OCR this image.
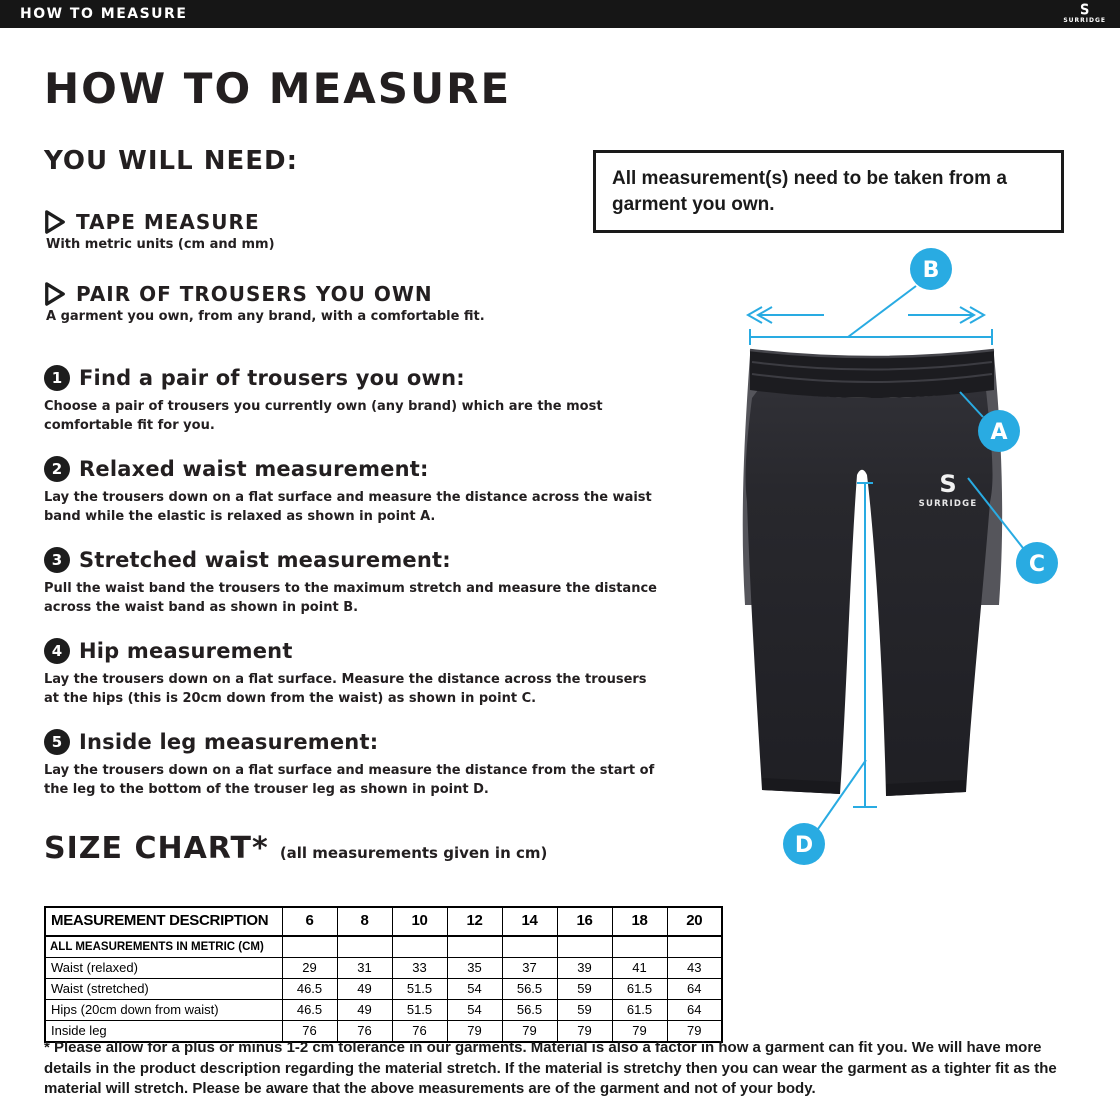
HOW TO MEASURE	S
SURRIDGE
HOW TO MEASURE
YOU WILL NEED:
TAPE MEASURE
With metric units (cm and mm)
PAIR OF TROUSERS YOU OWN
A garment you own, from any brand, with a comfortable fit.
All measurement(s) need to be taken from a garment you own.
1 Find a pair of trousers you own:
Choose a pair of trousers you currently own (any brand) which are the most comfortable fit for you.
2 Relaxed waist measurement:
Lay the trousers down on a flat surface and measure the distance across the waist band while the elastic is relaxed as shown in point A.
3 Stretched waist measurement:
Pull the waist band the trousers to the maximum stretch and measure the distance across the waist band as shown in point B.
4 Hip measurement
Lay the trousers down on a flat surface. Measure the distance across the trousers at the hips (this is 20cm down from the waist) as shown in point C.
5 Inside leg measurement:
Lay the trousers down on a flat surface and measure the distance from the start of the leg to the bottom of the trouser leg as shown in point D.
S
SURRIDGE
B
A
C
D
SIZE CHART* (all measurements given in cm)
MEASUREMENT DESCRIPTION	6	8	10	12	14	16	18	20
ALL MEASUREMENTS IN METRIC (CM)								
Waist (relaxed)	29	31	33	35	37	39	41	43
Waist (stretched)	46.5	49	51.5	54	56.5	59	61.5	64
Hips (20cm down from waist)	46.5	49	51.5	54	56.5	59	61.5	64
Inside leg	76	76	76	79	79	79	79	79
* Please allow for a plus or minus 1-2 cm tolerance in our garments. Material is also a factor in how a garment can fit you. We will have more details in the product description regarding the material stretch. If the material is stretchy then you can wear the garment as a tighter fit as the material will stretch. Please be aware that the above measurements are of the garment and not of your body.
